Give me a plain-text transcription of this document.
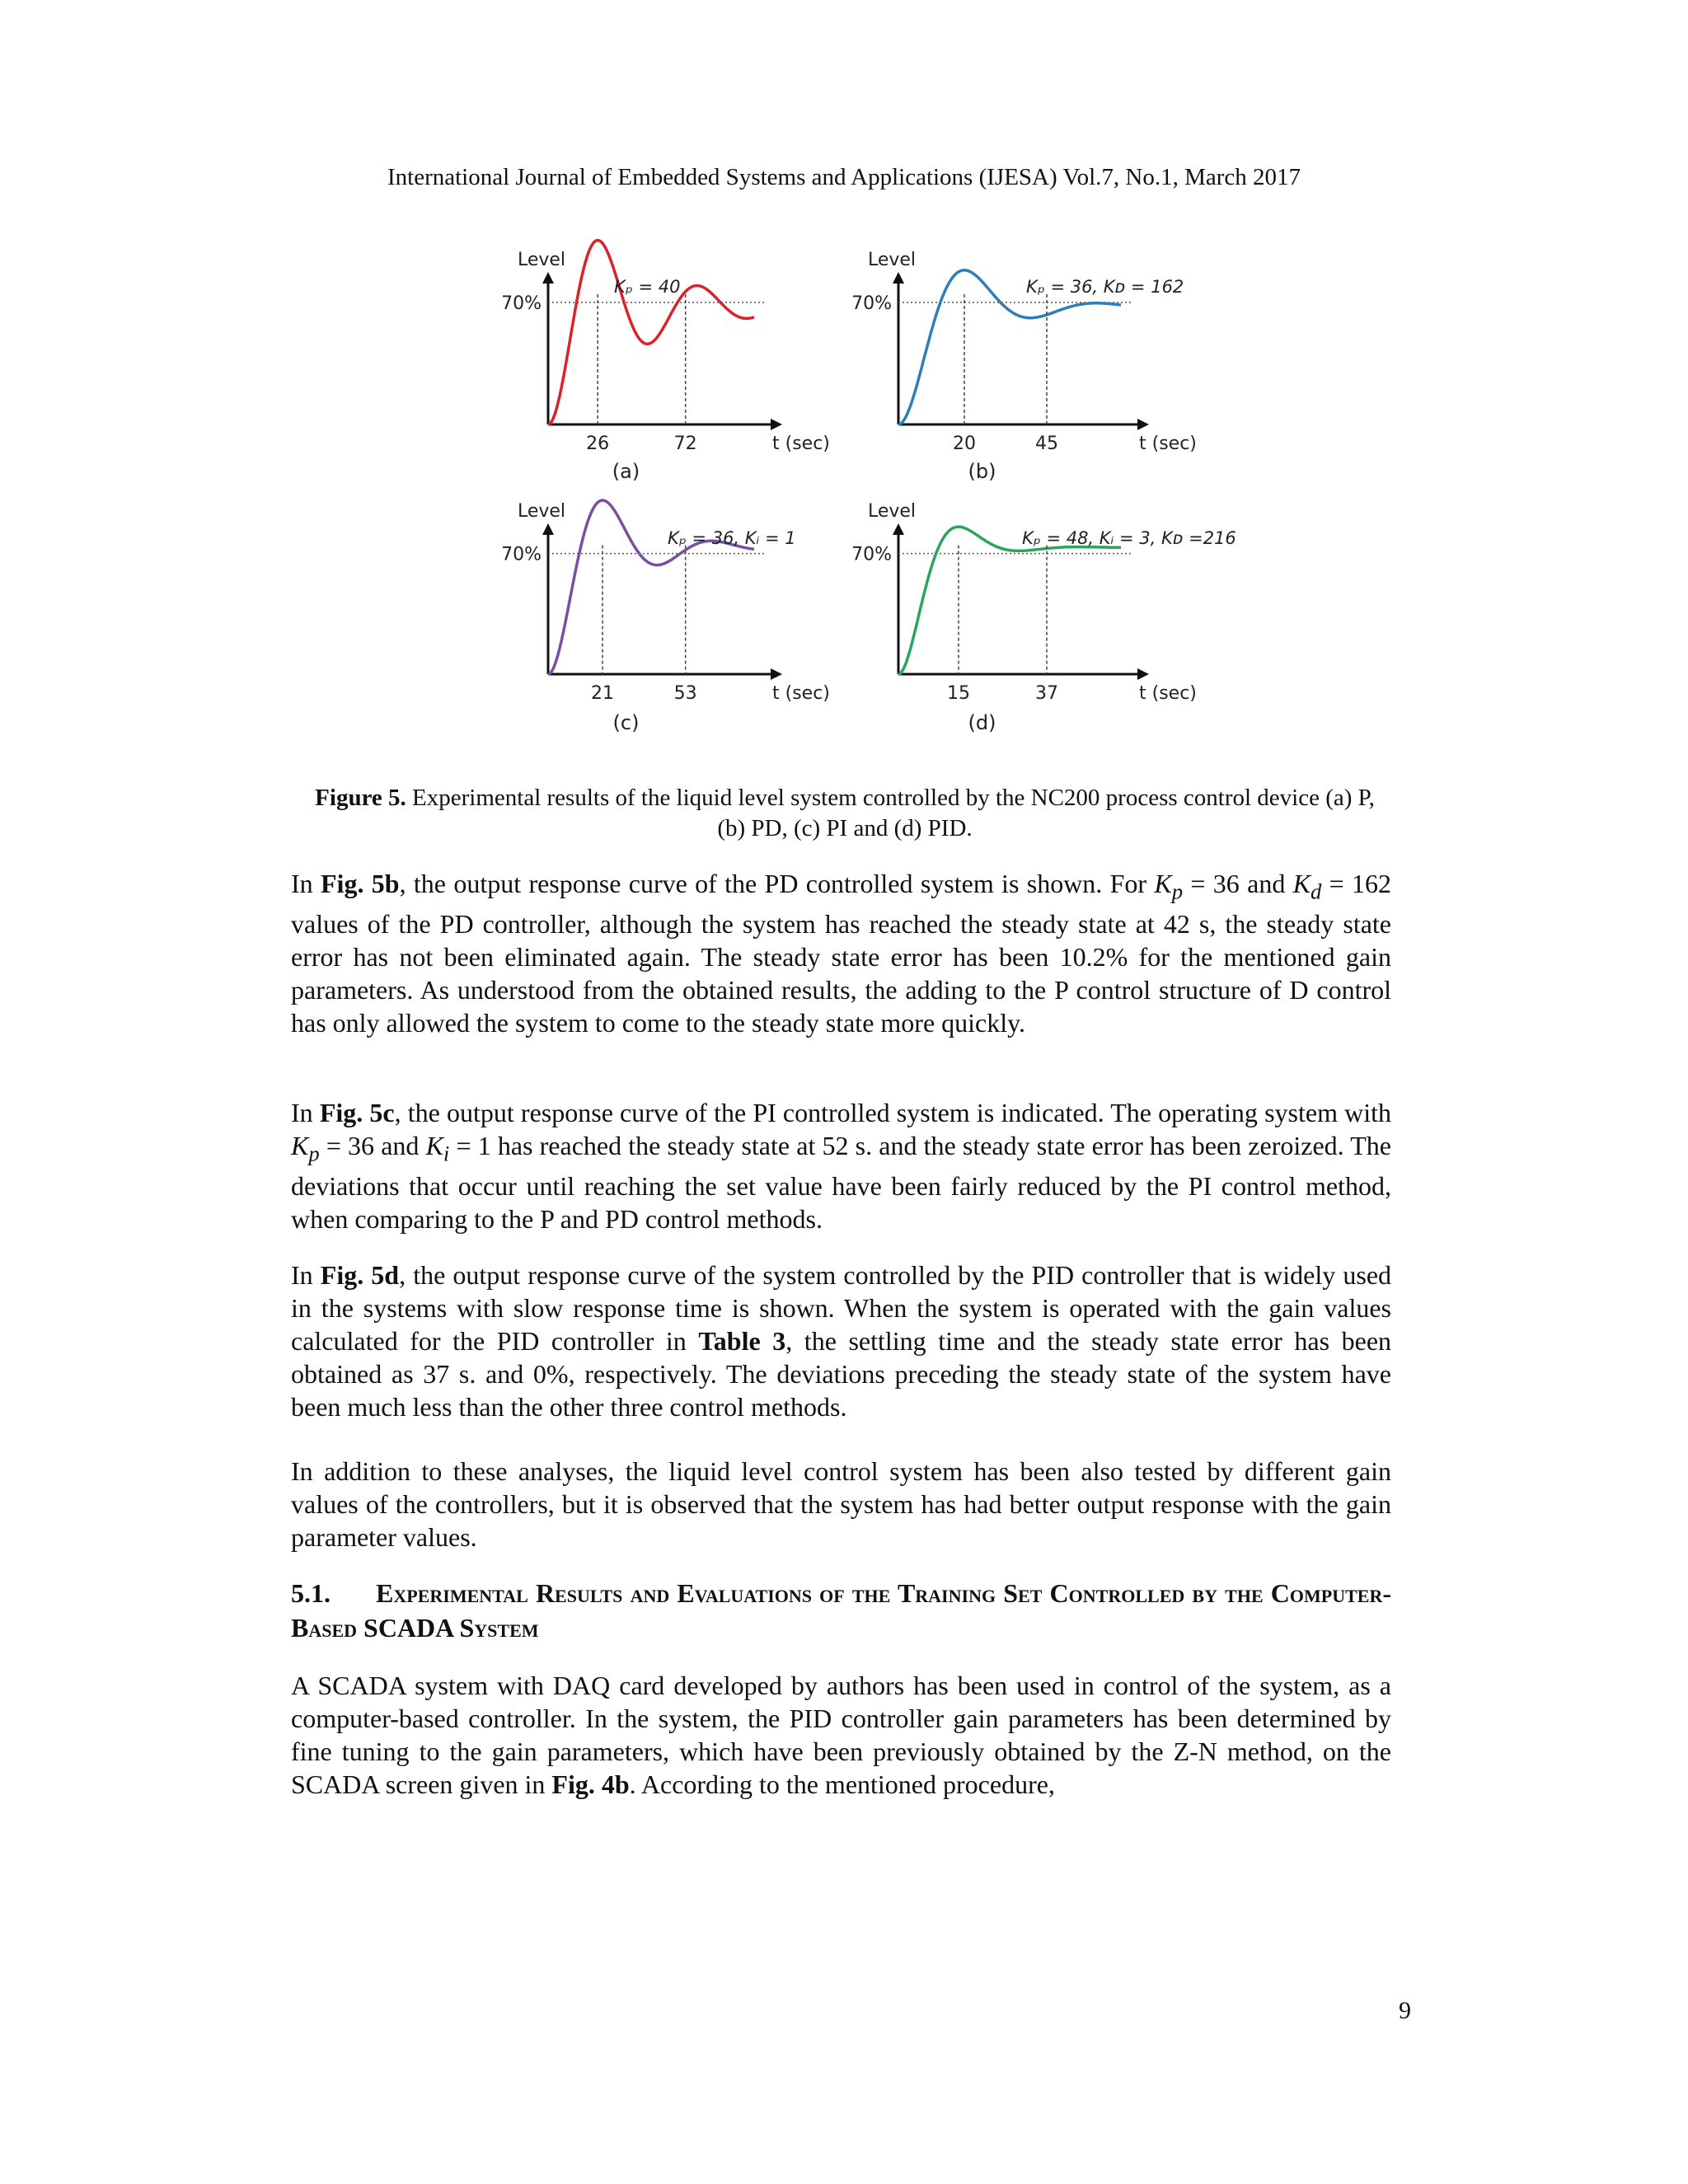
International Journal of Embedded Systems and Applications (IJESA) Vol.7, No.1, March 2017
26	72
Level
70%
t (sec)
Kₚ = 40
(a)
20	45
Level
70%
t (sec)
Kₚ = 36, Kᴅ = 162
(b)
21	53
Level
70%
t (sec)
Kₚ = 36, Kᵢ = 1
(c)
15	37
Level
70%
t (sec)
Kₚ = 48, Kᵢ = 3, Kᴅ =216
(d)
Figure 5. Experimental results of the liquid level system controlled by the NC200 process control device (a) P, (b) PD, (c) PI and (d) PID.
In Fig. 5b, the output response curve of the PD controlled system is shown. For $K_p = 36$ and $K_d = 162$ values of the PD controller, although the system has reached the steady state at 42 s, the steady state error has not been eliminated again. The steady state error has been 10.2% for the mentioned gain parameters. As understood from the obtained results, the adding to the P control structure of D control has only allowed the system to come to the steady state more quickly.
In Fig. 5c, the output response curve of the PI controlled system is indicated. The operating system with $K_p = 36$ and $K_i = 1$ has reached the steady state at 52 s. and the steady state error has been zeroized. The deviations that occur until reaching the set value have been fairly reduced by the PI control method, when comparing to the P and PD control methods.
In Fig. 5d, the output response curve of the system controlled by the PID controller that is widely used in the systems with slow response time is shown. When the system is operated with the gain values calculated for the PID controller in Table 3, the settling time and the steady state error has been obtained as 37 s. and 0%, respectively. The deviations preceding the steady state of the system have been much less than the other three control methods.
In addition to these analyses, the liquid level control system has been also tested by different gain values of the controllers, but it is observed that the system has had better output response with the gain parameter values.
5.1. Experimental Results and Evaluations of the Training Set Controlled by the Computer-Based SCADA System
A SCADA system with DAQ card developed by authors has been used in control of the system, as a computer-based controller. In the system, the PID controller gain parameters has been determined by fine tuning to the gain parameters, which have been previously obtained by the Z-N method, on the SCADA screen given in Fig. 4b. According to the mentioned procedure,
9
